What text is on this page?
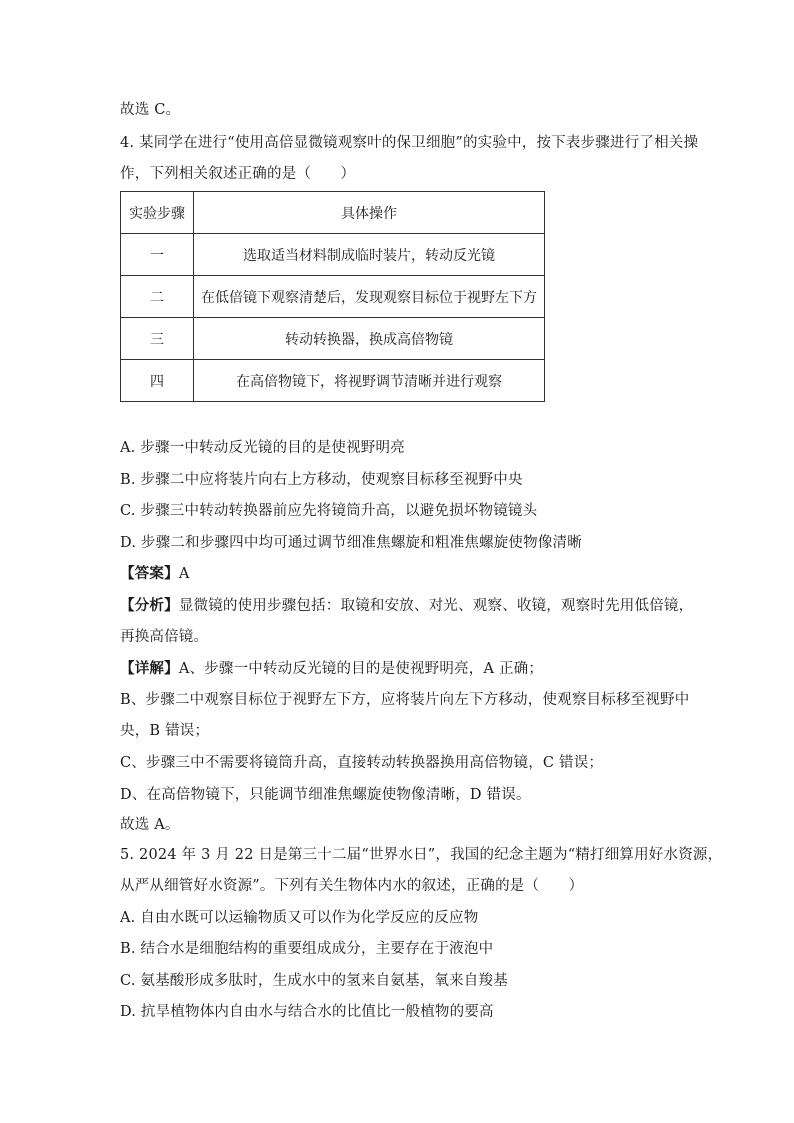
故选 C。
4. 某同学在进行“使用高倍显微镜观察叶的保卫细胞”的实验中，按下表步骤进行了相关操
作，下列相关叙述正确的是（　　）
实验步骤	具体操作
一	选取适当材料制成临时装片，转动反光镜
二	在低倍镜下观察清楚后，发现观察目标位于视野左下方
三	转动转换器，换成高倍物镜
四	在高倍物镜下，将视野调节清晰并进行观察
A. 步骤一中转动反光镜的目的是使视野明亮
B. 步骤二中应将装片向右上方移动，使观察目标移至视野中央
C. 步骤三中转动转换器前应先将镜筒升高，以避免损坏物镜镜头
D. 步骤二和步骤四中均可通过调节细准焦螺旋和粗准焦螺旋使物像清晰
【答案】A
【分析】显微镜的使用步骤包括：取镜和安放、对光、观察、收镜，观察时先用低倍镜，
再换高倍镜。
【详解】A、步骤一中转动反光镜的目的是使视野明亮，A 正确；
B、步骤二中观察目标位于视野左下方，应将装片向左下方移动，使观察目标移至视野中
央，B 错误；
C、步骤三中不需要将镜筒升高，直接转动转换器换用高倍物镜，C 错误；
D、在高倍物镜下，只能调节细准焦螺旋使物像清晰，D 错误。
故选 A。
5. 2024 年 3 月 22 日是第三十二届“世界水日”，我国的纪念主题为“精打细算用好水资源，
从严从细管好水资源”。下列有关生物体内水的叙述，正确的是（　　）
A. 自由水既可以运输物质又可以作为化学反应的反应物
B. 结合水是细胞结构的重要组成成分，主要存在于液泡中
C. 氨基酸形成多肽时，生成水中的氢来自氨基，氧来自羧基
D. 抗旱植物体内自由水与结合水的比值比一般植物的要高
